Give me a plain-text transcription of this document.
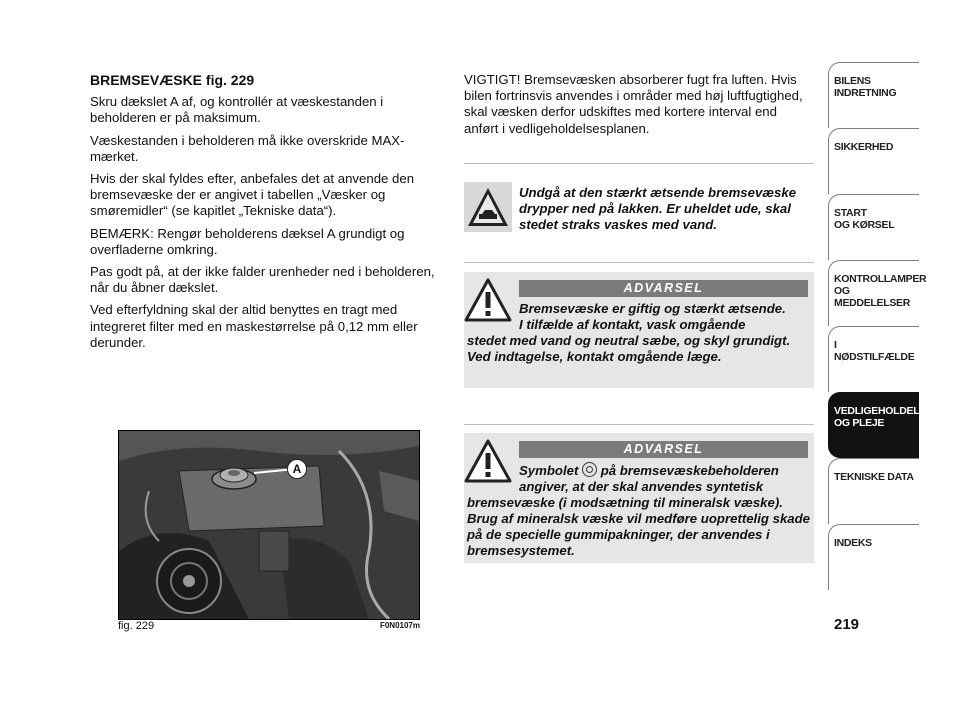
BREMSEVÆSKE fig. 229

Skru dækslet A af, og kontrollér at væskestanden i beholderen er på maksimum.

Væskestanden i beholderen må ikke overskride MAX-mærket.

Hvis der skal fyldes efter, anbefales det at anvende den bremsevæske der er angivet i tabellen „Væsker og smøremidler“ (se kapitlet „Tekniske data“).

BEMÆRK: Rengør beholderens dæksel A grundigt og overfladerne omkring.

Pas godt på, at der ikke falder urenheder ned i beholderen, når du åbner dækslet.

Ved efterfyldning skal der altid benyttes en tragt med integreret filter med en maskestørrelse på 0,12 mm eller derunder.

A
fig. 229	F0N0107m
VIGTIGT! Bremsevæsken absorberer fugt fra luften. Hvis bilen fortrinsvis anvendes i områder med høj luftfugtighed, skal væsken derfor udskiftes med kortere interval end anført i vedligeholdelsesplanen.
Undgå at den stærkt ætsende bremsevæske drypper ned på lakken. Er uheldet ude, skal stedet straks vaskes med vand.
ADVARSEL
Bremsevæske er giftig og stærkt ætsende.
I tilfælde af kontakt, vask omgående
stedet med vand og neutral sæbe, og skyl grundigt. Ved indtagelse, kontakt omgående læge.
ADVARSEL
Symbolet på bremsevæskebeholderen
angiver, at der skal anvendes syntetisk
bremsevæske (i modsætning til mineralsk væske). Brug af mineralsk væske vil medføre uoprettelig skade på de specielle gummipakninger, der anvendes i bremsesystemet.
BILENS
INDRETNING
SIKKERHED
START
OG KØRSEL
KONTROLLAMPER
OG MEDDELELSER
I NØDSTILFÆLDE
VEDLIGEHOLDELSE
OG PLEJE
TEKNISKE DATA
INDEKS
219
